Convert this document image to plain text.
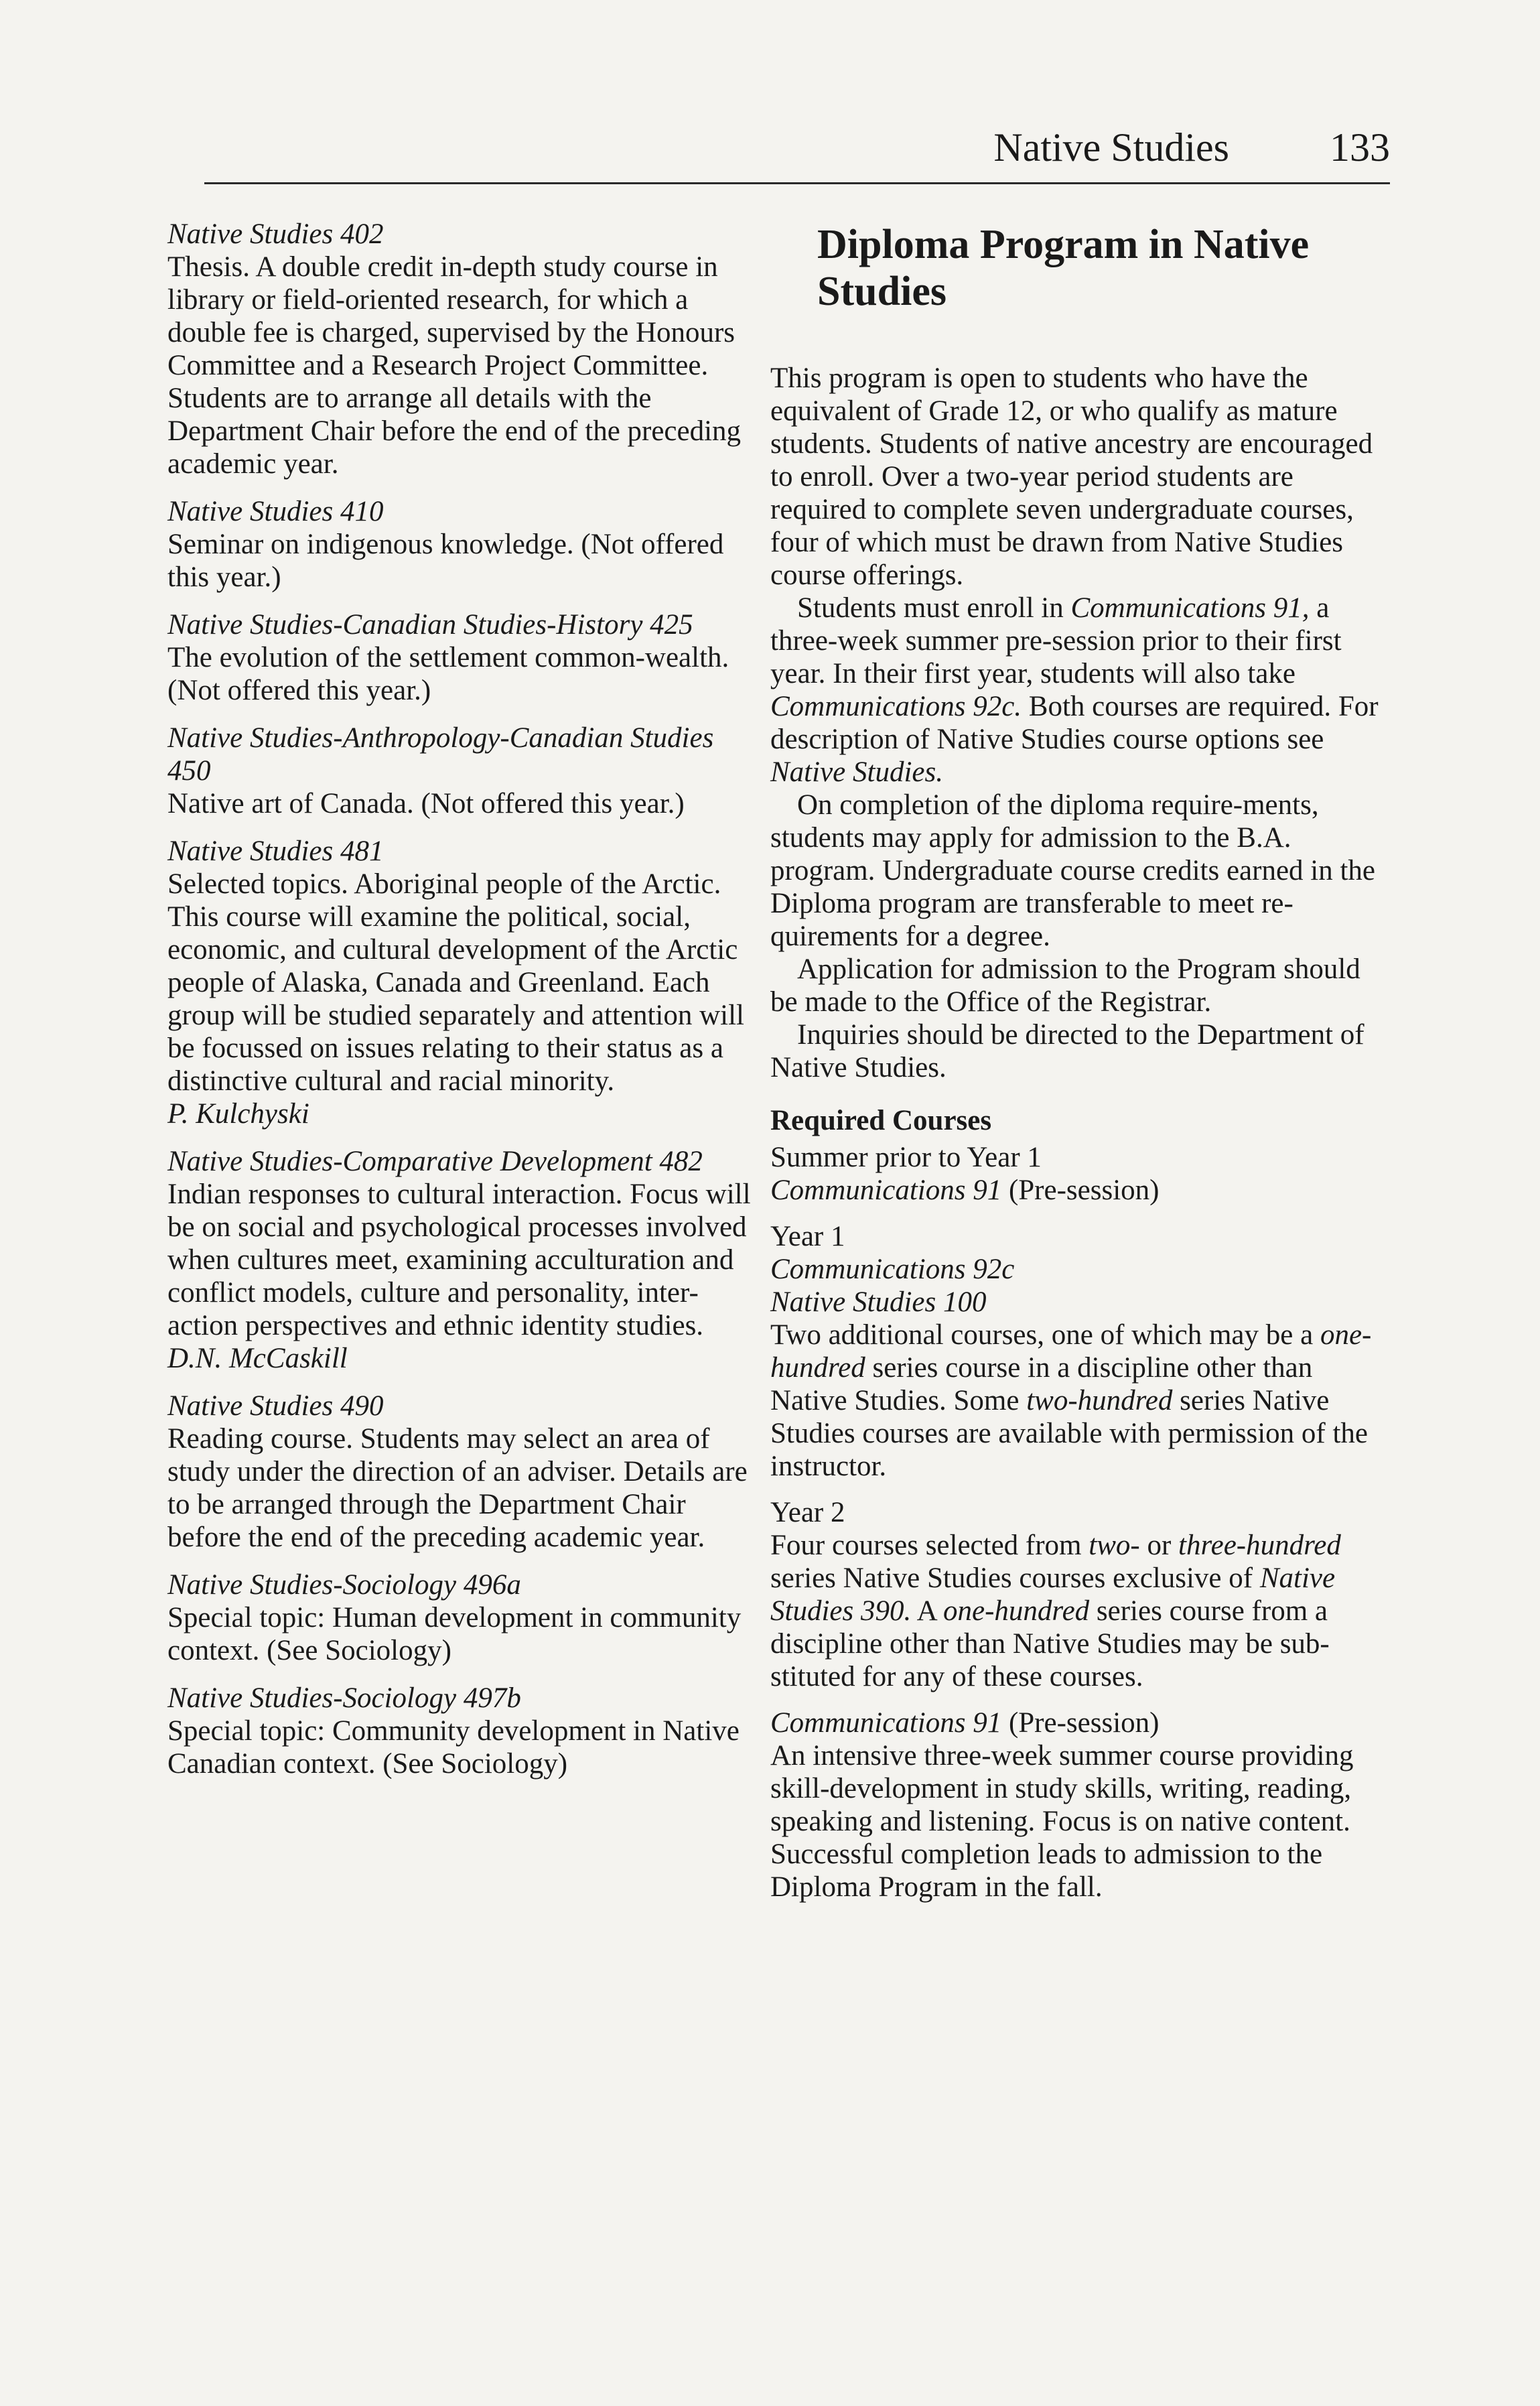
Native Studies	133
Native Studies 402
Thesis. A double credit in-depth study course in library or field-oriented research, for which a double fee is charged, supervised by the Honours Committee and a Research Project Committee. Students are to arrange all details with the Department Chair before the end of the preceding academic year.
Native Studies 410
Seminar on indigenous knowledge. (Not offered this year.)
Native Studies-Canadian Studies-History 425
The evolution of the settlement common-wealth. (Not offered this year.)
Native Studies-Anthropology-Canadian Studies 450
Native art of Canada. (Not offered this year.)
Native Studies 481
Selected topics. Aboriginal people of the Arctic. This course will examine the political, social, economic, and cultural development of the Arctic people of Alaska, Canada and Greenland. Each group will be studied separately and attention will be focussed on issues relating to their status as a distinctive cultural and racial minority.
P. Kulchyski
Native Studies-Comparative Development 482
Indian responses to cultural interaction. Focus will be on social and psychological processes involved when cultures meet, examining acculturation and conflict models, culture and personality, inter-action perspectives and ethnic identity studies.
D.N. McCaskill
Native Studies 490
Reading course. Students may select an area of study under the direction of an adviser. Details are to be arranged through the Department Chair before the end of the preceding academic year.
Native Studies-Sociology 496a
Special topic: Human development in community context. (See Sociology)
Native Studies-Sociology 497b
Special topic: Community development in Native Canadian context. (See Sociology)
Diploma Program in Native Studies

This program is open to students who have the equivalent of Grade 12, or who qualify as mature students. Students of native ancestry are encouraged to enroll. Over a two-year period students are required to complete seven undergraduate courses, four of which must be drawn from Native Studies course offerings.

Students must enroll in Communications 91, a three-week summer pre-session prior to their first year. In their first year, students will also take Communications 92c. Both courses are required. For description of Native Studies course options see Native Studies.

On completion of the diploma require-ments, students may apply for admission to the B.A. program. Undergraduate course credits earned in the Diploma program are transferable to meet re-quirements for a degree.

Application for admission to the Program should be made to the Office of the Registrar.

Inquiries should be directed to the Department of Native Studies.

Required Courses
Summer prior to Year 1
Communications 91 (Pre-session)
Year 1
Communications 92c
Native Studies 100
Two additional courses, one of which may be a one-hundred series course in a discipline other than Native Studies. Some two-hundred series Native Studies courses are available with permission of the instructor.
Year 2
Four courses selected from two- or three-hundred series Native Studies courses exclusive of Native Studies 390. A one-hundred series course from a discipline other than Native Studies may be sub-stituted for any of these courses.
Communications 91 (Pre-session)
An intensive three-week summer course providing skill-development in study skills, writing, reading, speaking and listening. Focus is on native content. Successful completion leads to admission to the Diploma Program in the fall.
